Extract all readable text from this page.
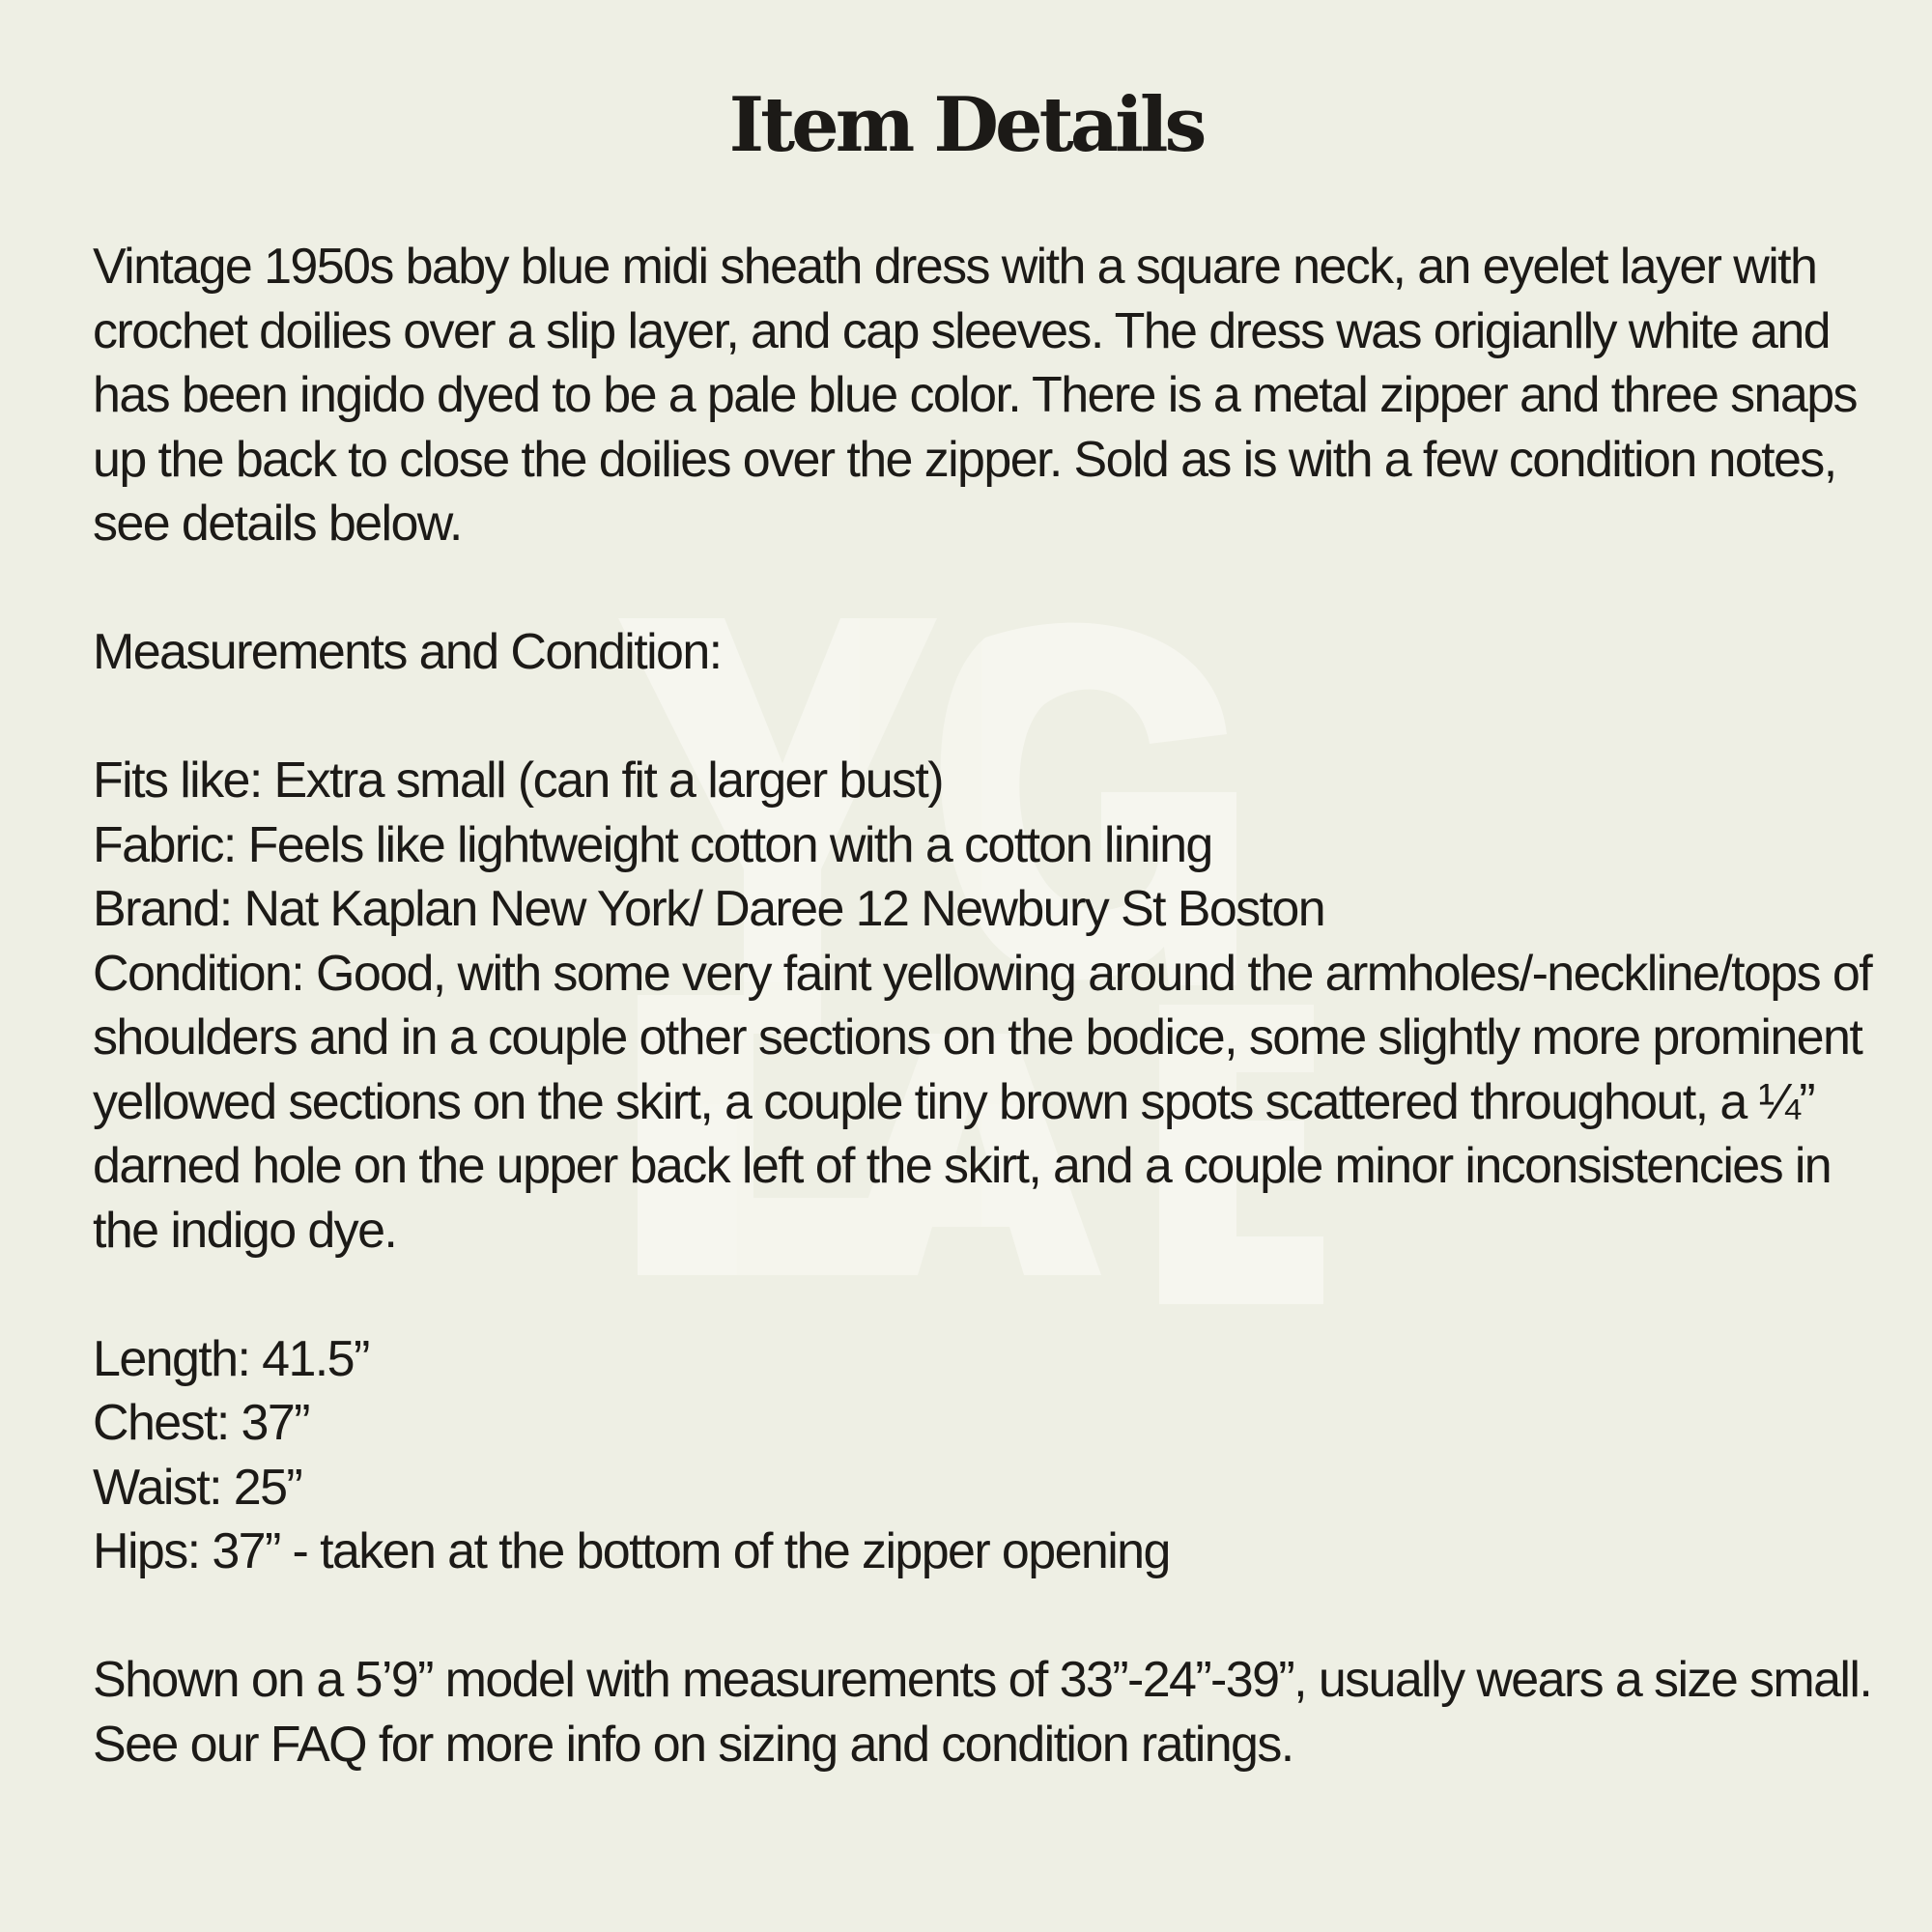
Item Details

Vintage 1950s baby blue midi sheath dress with a square neck, an eyelet layer with crochet doilies over a slip layer, and cap sleeves. The dress was origianlly white and has been ingido dyed to be a pale blue color. There is a metal zipper and three snaps up the back to close the doilies over the zipper. Sold as is with a few condition notes, see details below.

Measurements and Condition:

Fits like: Extra small (can fit a larger bust)

Fabric: Feels like lightweight cotton with a cotton lining

Brand: Nat Kaplan New York/ Daree 12 Newbury St Boston

Condition: Good, with some very faint yellowing around the armholes/-neckline/tops of shoulders and in a couple other sections on the bodice, some slightly more prominent yellowed sections on the skirt, a couple tiny brown spots scattered throughout, a ¼” darned hole on the upper back left of the skirt, and a couple minor inconsistencies in the indigo dye.

Length: 41.5”

Chest: 37”

Waist: 25”

Hips: 37” - taken at the bottom of the zipper opening

Shown on a 5’9” model with measurements of 33”-24”-39”, usually wears a size small. See our FAQ for more info on sizing and condition ratings.
